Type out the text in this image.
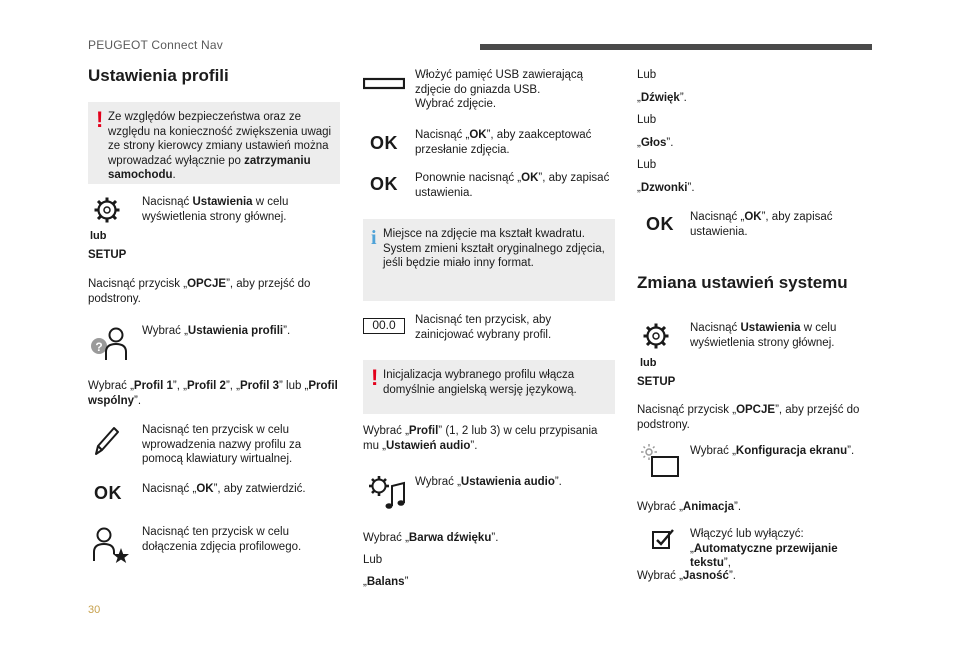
PEUGEOT Connect Nav
Ustawienia profili
! Ze względów bezpieczeństwa oraz ze względu na konieczność zwiększenia uwagi ze strony kierowcy zmiany ustawień można wprowadzać wyłącznie po zatrzymaniu samochodu.
lub
SETUP
Nacisnąć Ustawienia w celu wyświetlenia strony głównej.
Nacisnąć przycisk „OPCJE”, aby przejść do podstrony.
?
Wybrać „Ustawienia profili”.
Wybrać „Profil 1”, „Profil 2”, „Profil 3” lub „Profil wspólny”.
Nacisnąć ten przycisk w celu wprowadzenia nazwy profilu za pomocą klawiatury wirtualnej.
OK Nacisnąć „OK”, aby zatwierdzić.
Nacisnąć ten przycisk w celu dołączenia zdjęcia profilowego.
Włożyć pamięć USB zawierającą zdjęcie do gniazda USB.
Wybrać zdjęcie.
OK Nacisnąć „OK”, aby zaakceptować przesłanie zdjęcia.
OK Ponownie nacisnąć „OK”, aby zapisać ustawienia.
i Miejsce na zdjęcie ma kształt kwadratu. System zmieni kształt oryginalnego zdjęcia, jeśli będzie miało inny format.
00.0	Nacisnąć ten przycisk, aby zainicjować wybrany profil.
! Inicjalizacja wybranego profilu włącza domyślnie angielską wersję językową.
Wybrać „Profil” (1, 2 lub 3) w celu przypisania mu „Ustawień audio”.
Wybrać „Ustawienia audio”.
Wybrać „Barwa dźwięku”.
Lub
„Balans”
Lub
„Dźwięk”.
Lub
„Głos”.
Lub
„Dzwonki”.
OK Nacisnąć „OK”, aby zapisać ustawienia.
Zmiana ustawień systemu
lub
SETUP
Nacisnąć Ustawienia w celu wyświetlenia strony głównej.
Nacisnąć przycisk „OPCJE”, aby przejść do podstrony.
Wybrać „Konfiguracja ekranu”.
Wybrać „Animacja”.
Włączyć lub wyłączyć: „Automatyczne przewijanie tekstu”,
Wybrać „Jasność”.
30
